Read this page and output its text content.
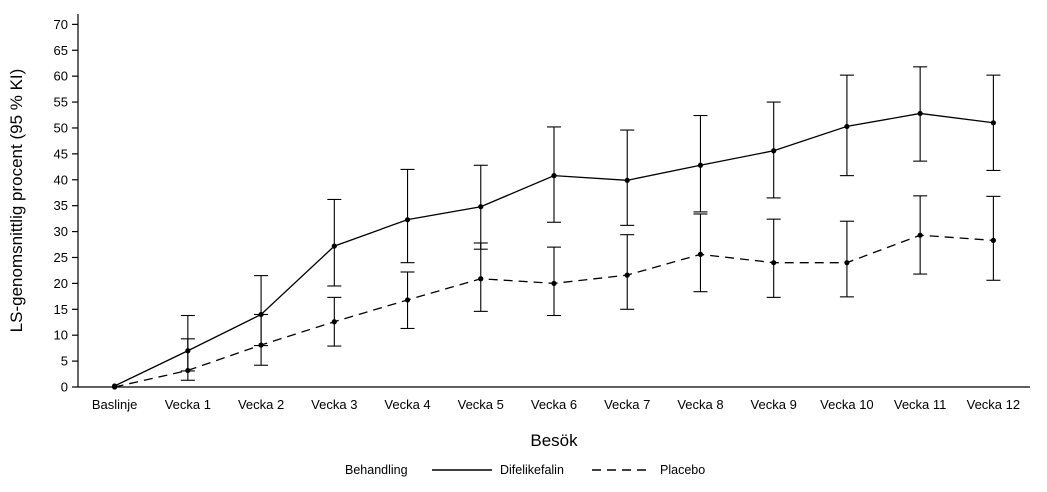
0
5
10
15
20
25
30
35
40
45
50
55
60
65
70
Baslinje Vecka 1 Vecka 2 Vecka 3 Vecka 4 Vecka 5 Vecka 6 Vecka 7 Vecka 8 Vecka 9 Vecka 10 Vecka 11 Vecka 12
Besök
LS-genomsnittlig procent (95 % KI)
Behandling	Difelikefalin	Placebo
